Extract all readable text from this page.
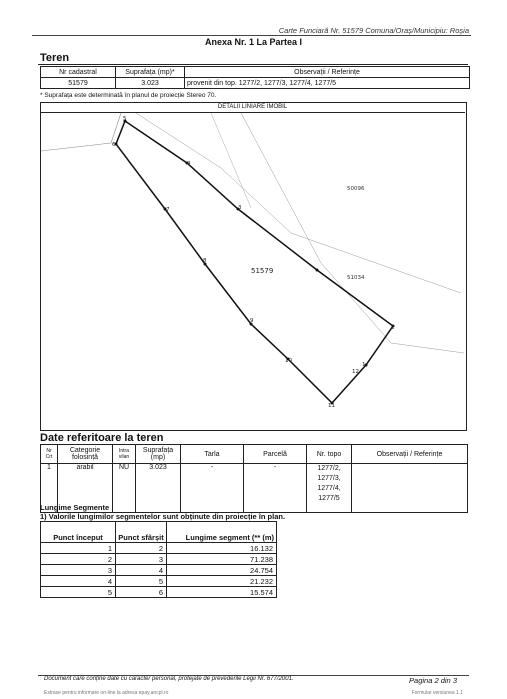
Carte Funciară Nr. 51579 Comuna/Oraș/Municipiu: Roșia
Anexa Nr. 1 La Partea I
Teren
Nr cadastral	Suprafața (mp)*	Observații / Referințe
51579	3.023	provenit din top. 1277/2, 1277/3, 1277/4, 1277/5
* Suprafața este determinată în planul de proiecție Stereo 70.
DETALII LINIARE IMOBIL
11
2
3
4
5
6
7
8
9
10
1
12
51579
50096
51034
Date referitoare la teren
Nr Crt	Categorie folosință	Intra vilan	Suprafața (mp)	Tarla	Parcelă	Nr. topo	Observații / Referințe
1	arabil	NU	3.023	-	-	1277/2,
1277/3,
1277/4,
1277/5	

Lungime Segmente
1) Valorile lungimilor segmentelor sunt obținute din proiecție în plan.
Punct început	Punct sfârșit	Lungime segment (** (m)
1	2	16.132
2	3	71.238
3	4	24.754
4	5	21.232
5	6	15.574
Document care conține date cu caracter personal, protejate de prevederile Legii Nr. 677/2001.	Pagina 2 din 3
Extrase pentru informare on-line la adresa epay.ancpi.ro	Formular versiunea 1.1
